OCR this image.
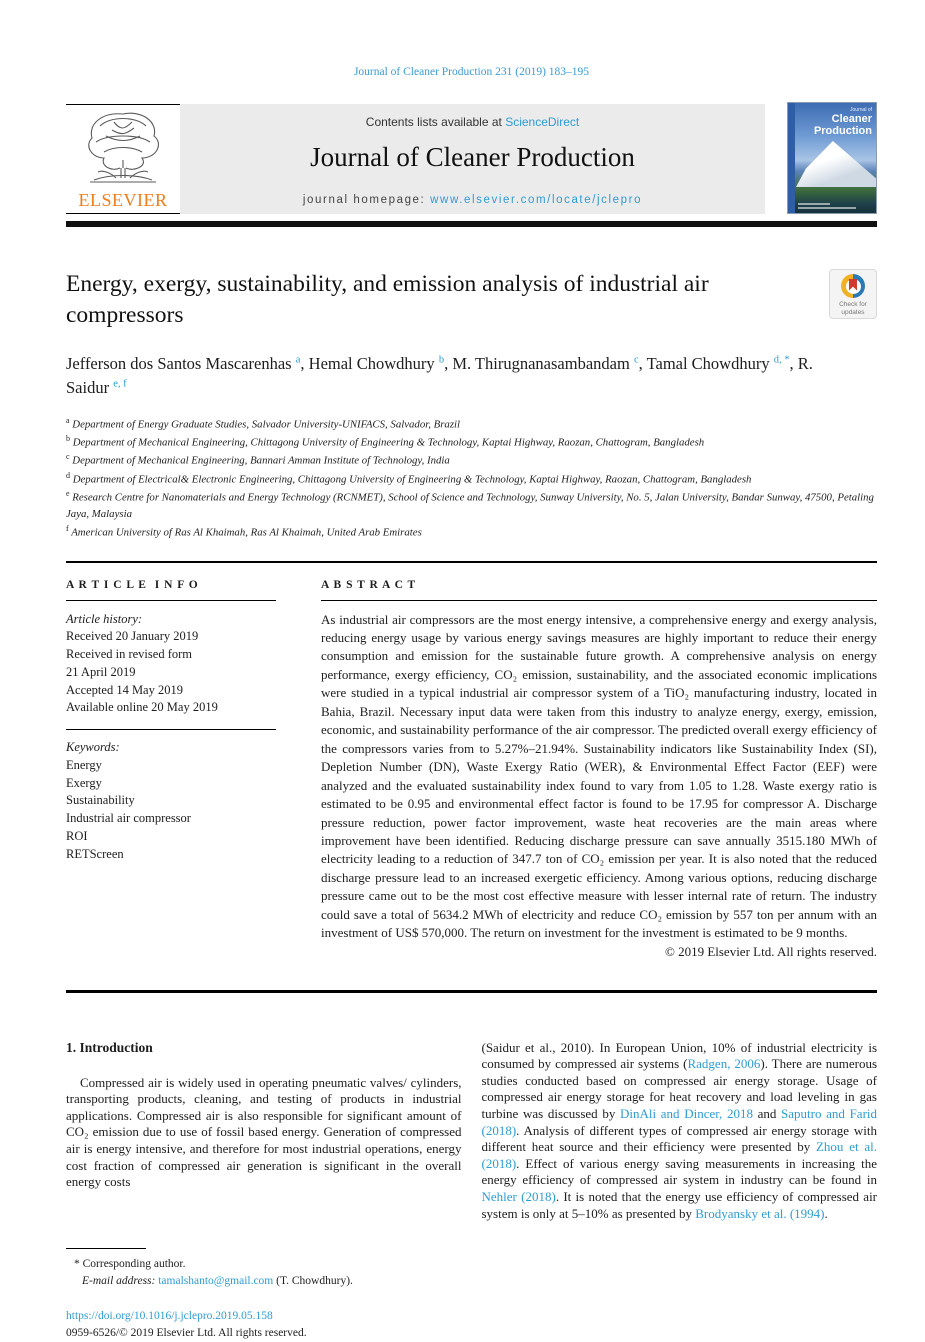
Journal of Cleaner Production 231 (2019) 183–195
ELSEVIER
Contents lists available at ScienceDirect
Journal of Cleaner Production
journal homepage: www.elsevier.com/locate/jclepro
Journal of
Cleaner
Production
Energy, exergy, sustainability, and emission analysis of industrial air compressors	Check for updates
Jefferson dos Santos Mascarenhas $^a$, Hemal Chowdhury $^b$, M. Thirugnanasambandam $^c$, Tamal Chowdhury $^{d, *}$, R. Saidur $^{e, f}$
$^a$ Department of Energy Graduate Studies, Salvador University-UNIFACS, Salvador, Brazil
$^b$ Department of Mechanical Engineering, Chittagong University of Engineering & Technology, Kaptai Highway, Raozan, Chattogram, Bangladesh
$^c$ Department of Mechanical Engineering, Bannari Amman Institute of Technology, India
$^d$ Department of Electrical& Electronic Engineering, Chittagong University of Engineering & Technology, Kaptai Highway, Raozan, Chattogram, Bangladesh
$^e$ Research Centre for Nanomaterials and Energy Technology (RCNMET), School of Science and Technology, Sunway University, No. 5, Jalan University, Bandar Sunway, 47500, Petaling Jaya, Malaysia
$^f$ American University of Ras Al Khaimah, Ras Al Khaimah, United Arab Emirates
A R T I C L E  I N F O
Article history:
Received 20 January 2019
Received in revised form
21 April 2019
Accepted 14 May 2019
Available online 20 May 2019
Keywords:
Energy
Exergy
Sustainability
Industrial air compressor
ROI
RETScreen
A B S T R A C T
As industrial air compressors are the most energy intensive, a comprehensive energy and exergy analysis, reducing energy usage by various energy savings measures are highly important to reduce their energy consumption and emission for the sustainable future growth. A comprehensive analysis on energy performance, exergy efficiency, CO₂ emission, sustainability, and the associated economic implications were studied in a typical industrial air compressor system of a TiO₂ manufacturing industry, located in Bahia, Brazil. Necessary input data were taken from this industry to analyze energy, exergy, emission, economic, and sustainability performance of the air compressor. The predicted overall exergy efficiency of the compressors varies from to 5.27%–21.94%. Sustainability indicators like Sustainability Index (SI), Depletion Number (DN), Waste Exergy Ratio (WER), & Environmental Effect Factor (EEF) were analyzed and the evaluated sustainability index found to vary from 1.05 to 1.28. Waste exergy ratio is estimated to be 0.95 and environmental effect factor is found to be 17.95 for compressor A. Discharge pressure reduction, power factor improvement, waste heat recoveries are the main areas where improvement have been identified. Reducing discharge pressure can save annually 3515.180 MWh of electricity leading to a reduction of 347.7 ton of CO₂ emission per year. It is also noted that the reduced discharge pressure lead to an increased exergetic efficiency. Among various options, reducing discharge pressure came out to be the most cost effective measure with lesser internal rate of return. The industry could save a total of 5634.2 MWh of electricity and reduce CO₂ emission by 557 ton per annum with an investment of US$ 570,000. The return on investment for the investment is estimated to be 9 months.
© 2019 Elsevier Ltd. All rights reserved.
1. Introduction
Compressed air is widely used in operating pneumatic valves/ cylinders, transporting products, cleaning, and testing of products in industrial applications. Compressed air is also responsible for significant amount of CO₂ emission due to use of fossil based energy. Generation of compressed air is energy intensive, and therefore for most industrial operations, energy cost fraction of compressed air generation is significant in the overall energy costs
(Saidur et al., 2010). In European Union, 10% of industrial electricity is consumed by compressed air systems (Radgen, 2006). There are numerous studies conducted based on compressed air energy storage. Usage of compressed air energy storage for heat recovery and load leveling in gas turbine was discussed by DinAli and Dincer, 2018 and Saputro and Farid (2018). Analysis of different types of compressed air energy storage with different heat source and their efficiency were presented by Zhou et al. (2018). Effect of various energy saving measurements in increasing the energy efficiency of compressed air system in industry can be found in Nehler (2018). It is noted that the energy use efficiency of compressed air system is only at 5–10% as presented by Brodyansky et al. (1994).
* Corresponding author.
E-mail address: tamalshanto@gmail.com (T. Chowdhury).
https://doi.org/10.1016/j.jclepro.2019.05.158
0959-6526/© 2019 Elsevier Ltd. All rights reserved.
